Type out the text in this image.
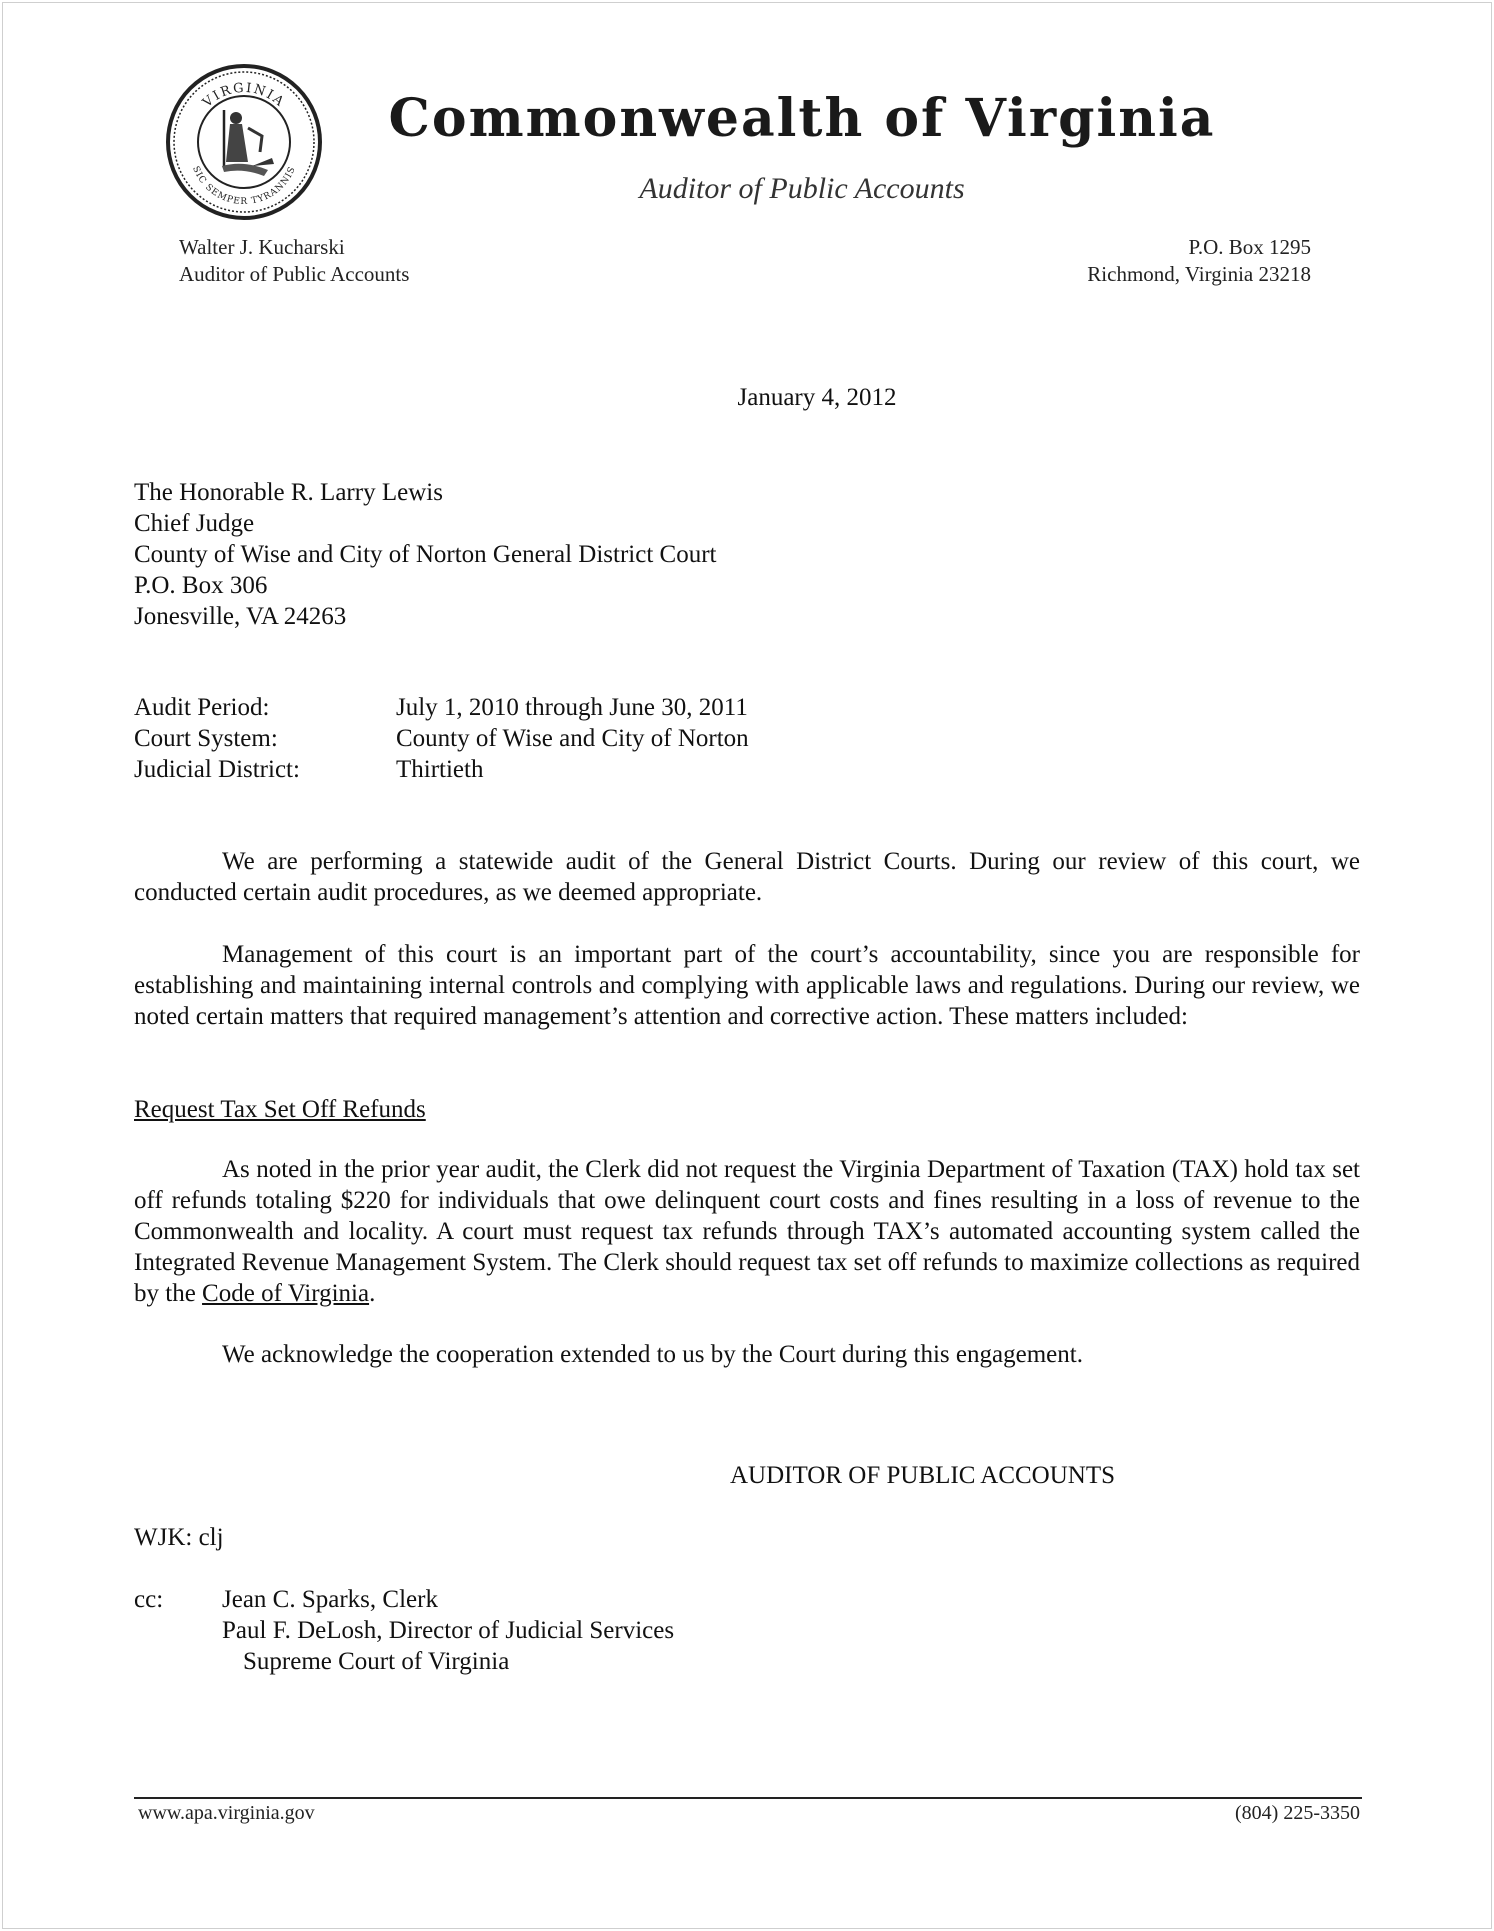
VIRGINIA
SIC SEMPER TYRANNIS
Commonwealth of Virginia
Auditor of Public Accounts
Walter J. Kucharski
Auditor of Public Accounts
P.O. Box 1295
Richmond, Virginia 23218
January 4, 2012
The Honorable R. Larry Lewis
Chief Judge
County of Wise and City of Norton General District Court
P.O. Box 306
Jonesville, VA 24263
Audit Period:	July 1, 2010 through June 30, 2011
Court System:	County of Wise and City of Norton
Judicial District:	Thirtieth
We are performing a statewide audit of the General District Courts. During our review of this court, we conducted certain audit procedures, as we deemed appropriate.
Management of this court is an important part of the court’s accountability, since you are responsible for establishing and maintaining internal controls and complying with applicable laws and regulations. During our review, we noted certain matters that required management’s attention and corrective action. These matters included:
Request Tax Set Off Refunds
As noted in the prior year audit, the Clerk did not request the Virginia Department of Taxation (TAX) hold tax set off refunds totaling $220 for individuals that owe delinquent court costs and fines resulting in a loss of revenue to the Commonwealth and locality. A court must request tax refunds through TAX’s automated accounting system called the Integrated Revenue Management System. The Clerk should request tax set off refunds to maximize collections as required by the Code of Virginia.
We acknowledge the cooperation extended to us by the Court during this engagement.
AUDITOR OF PUBLIC ACCOUNTS
WJK: clj
cc:	Jean C. Sparks, Clerk
Paul F. DeLosh, Director of Judicial Services
Supreme Court of Virginia
www.apa.virginia.gov	(804) 225-3350
